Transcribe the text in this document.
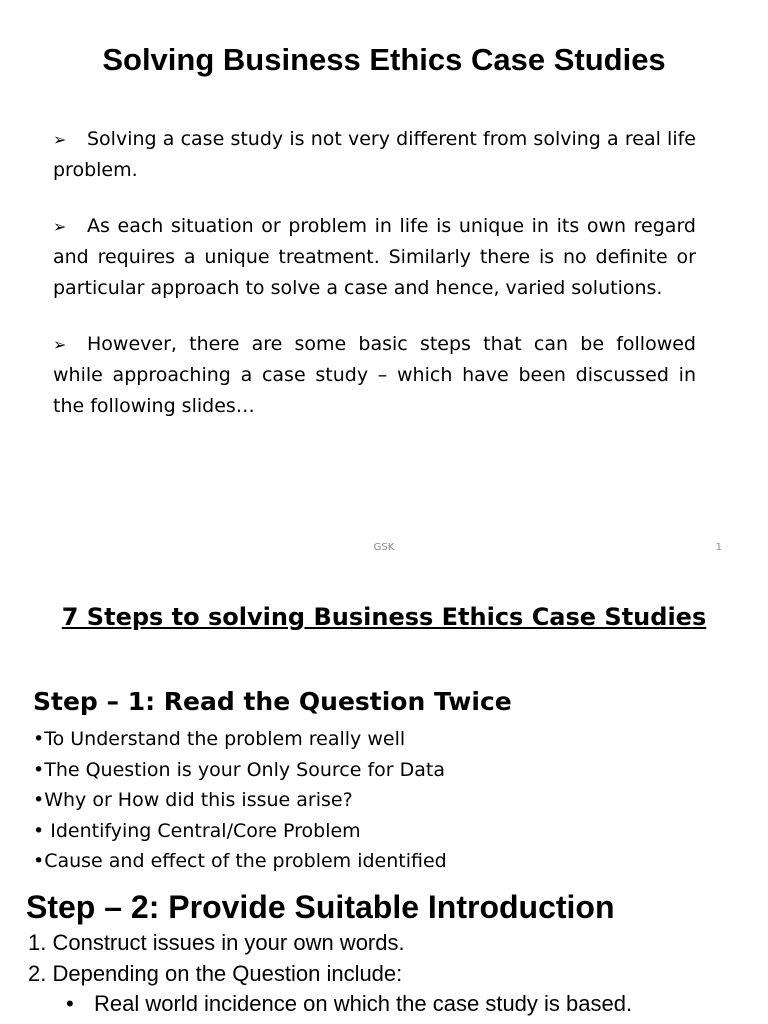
Solving Business Ethics Case Studies
➢ Solving a case study is not very different from solving a real life problem.
➢ As each situation or problem in life is unique in its own regard and requires a unique treatment. Similarly there is no definite or particular approach to solve a case and hence, varied solutions.
➢ However, there are some basic steps that can be followed while approaching a case study – which have been discussed in the following slides…
GSK	1
7 Steps to solving Business Ethics Case Studies
Step – 1: Read the Question Twice
•To Understand the problem really well
•The Question is your Only Source for Data
•Why or How did this issue arise?
• Identifying Central/Core Problem
•Cause and effect of the problem identified
Step – 2: Provide Suitable Introduction
1. Construct issues in your own words.
2. Depending on the Question include:
• Real world incidence on which the case study is based.
